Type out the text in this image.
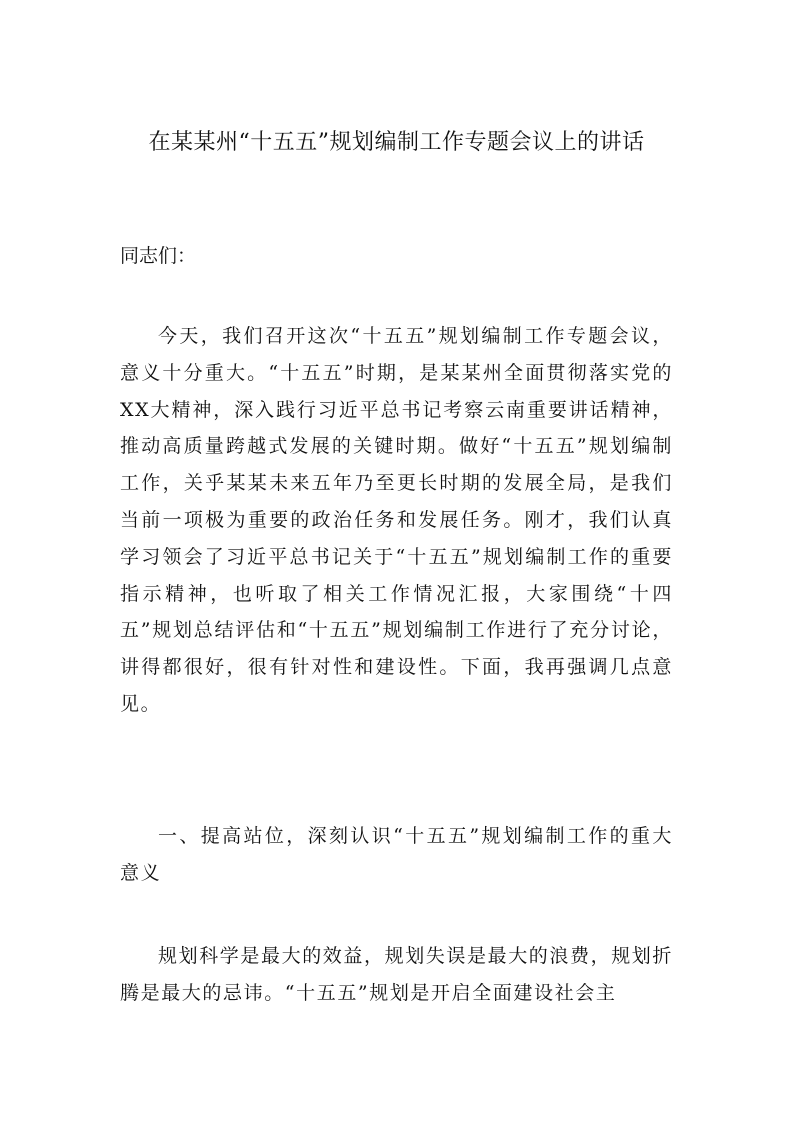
在某某州“十五五”规划编制工作专题会议上的讲话

同志们：

今天，我们召开这次“十五五”规划编制工作专题会议，意义十分重大。“十五五”时期，是某某州全面贯彻落实党的XX大精神，深入践行习近平总书记考察云南重要讲话精神，推动高质量跨越式发展的关键时期。做好“十五五”规划编制工作，关乎某某未来五年乃至更长时期的发展全局，是我们当前一项极为重要的政治任务和发展任务。刚才，我们认真学习领会了习近平总书记关于“十五五”规划编制工作的重要指示精神，也听取了相关工作情况汇报，大家围绕“十四五”规划总结评估和“十五五”规划编制工作进行了充分讨论，讲得都很好，很有针对性和建设性。下面，我再强调几点意见。

一、提高站位，深刻认识“十五五”规划编制工作的重大意义

规划科学是最大的效益，规划失误是最大的浪费，规划折腾是最大的忌讳。“十五五”规划是开启全面建设社会主
